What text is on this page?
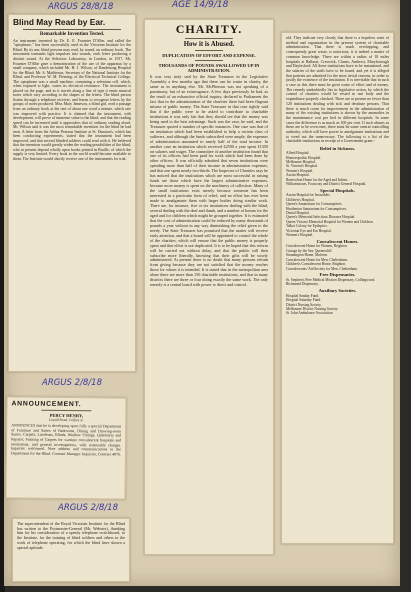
ARGUS 28/8/18	AGE 14/9/18
ARGUS 2/8/18
ARGUS 2/8/18

Blind May Read by Ear.

Remarkable Invention Tested.

An instrument invented by Dr. E. E. Fournier D'Albe, and called the "optophone," has been successfully used in the Victorian Institute for the Blind. By its use, blind persons may read, by sound, an ordinary book. The instrument transmits light impulses into sounds, each letter producing a distinct sound. At the Selection Laboratory, in London, in 1917, Mr. Fournier D'Albe gave a demonstration of the use of the apparatus by a small company, which included Mr. H. J. Wilson, of Dandenong Hospital for the Blind; Mr. S. Mathieson, Secretary of the National Institute for the Blind, and Professor W. M. Fleming, of the Electrical Technical College. The optophone was a small machine, containing a selenium cell, which, when exposed to light, varies its electrical resistance. The instrument is placed on the page, and as it travels along a line of type it emits musical notes which vary according to the shapes of the letters. The blind person listens through a telephone receiver, and learns to recognise letters by the groups of notes produced. Miss Mary Jameson, a blind girl, read a passage from an ordinary book at the rate of about one word a minute, which rate was improved with practice. It is claimed that the instrument, with development, will prove of immense value to the blind, and that the reading speed can be increased until it approaches that of ordinary reading aloud. Mr. Wilson said it was the most remarkable invention for the blind he had seen. A letter from the Arthur Pearson Institute at St. Dunstan's, which has been conducting experiments, stated that the instrument had been improved, and that several blinded soldiers could read with it. He believed that the invention would greatly widen the reading possibilities of the blind, who at present depend wholly upon books printed in Braille, of which the supply is very limited. Every book in the world would become available to them. The Institute would shortly receive one of the instruments for trial.

ANNOUNCEMENT.

PERCY HENRY,

Liquid Road, Collins st.

ANNOUNCES that he is developing upon fully a special Department of Furniture and Suites of Bedrooms, Dining and Drawing-room Suites, Carpets, Linoleum, Blinds, Window Fittings, Upholstery and Repairs; Painting of Carpets for wartime convalescent hospitals and institutions, and general investigations, with reasonable charges. Inquiries welcomed. Note address and communications to the Department for the Blind. Contract Manager. Inquiries, Contract 4076.

The superintendent of the Royal Victorian Institute for the Blind has written to the Postmaster-General (Mr. Webster), thanking him for his consideration of a speedy telephone switchboard, to the Institute, for the training of blind soldiers and others in the work of telephone operating, for which the blind have shown a special aptitude.

CHARITY.

How it is Abused.

DUPLICATION OF EFFORT AND EXPENSE.

THOUSANDS OF POUNDS SWALLOWED UP IN ADMINISTRATION.

It was very truly said by the State Treasurer in the Legislative Assembly a few months ago that there can be waste in charity, the same as in anything else. Mr. McPherson was not speaking of a parsimony, but of an extravagance. A few days previously he had, as the result of an exhaustive official inquiry, declared to Parliament the fact that in the administration of the charities there had been flagrant misuse of public money. The State Treasurer in that case rightly said that if the public were to be asked to contribute to charitable institutions it was only fair that they should see that the money was being used to the best advantage. Such was the case, he said, and the Treasurer quoted a number of specific instances. One case was that of an institution which had been established to help a certain class of sufferers, and although the funds subscribed were ample, the expenses of administration amounted to nearly half of the total income. In another case an institution which received £2500 a year spent £1350 on salaries and wages. The committee of another institution found that one of its officers had been paid for work which had been done by other officers. It was officially admitted that seven institutions were spending more than half of their income in administration expenses, and that one spent nearly two-thirds. The Inspector of Charities says he has noticed that the institutions which are most successful in raising funds are those which have the largest administrative expenses, because more money is spent on the machinery of collection. Many of the small institutions exist merely because someone has been interested in a particular form of relief, and no effort has ever been made to amalgamate them with larger bodies doing similar work. There are, for instance, five or six institutions dealing with the blind, several dealing with the deaf and dumb, and a number of homes for the aged and for children which might be grouped together. It is estimated that the cost of administration could be reduced by many thousands of pounds a year without in any way diminishing the relief given to the needy. The State Treasurer has promised that the matter will receive early attention, and that a board will be appointed to control the whole of the charities, which will ensure that the public money is properly spent and that effort is not duplicated. It is to be hoped that this reform will be carried out without delay, and that the public will then subscribe more liberally, knowing that their gifts will be wisely administered. At present there is no doubt that many persons refrain from giving because they are not satisfied that the money reaches those for whom it is intended. It is stated that in the metropolitan area alone there are more than 150 charitable institutions, and that in many districts there are three or four doing exactly the same work. The only remedy is a central board with power to direct and control.

old. They indicate very clearly that there is a hopeless want of method and organisation in the present system of charitable administration. That there is much overlapping, and consequently great waste, is notorious; it is indeed a matter of common knowledge. There are within a radius of 10 miles hospitals at Ballarat, Creswick, Clunes, Amherst, Maryborough and Daylesford. All these institutions have to be maintained, and the salaries of the staffs have to be found, and yet it is alleged that patients are admitted for the most trivial reasons, in order to justify the existence of the institution. It is inevitable that in such a case as this there must be great waste of effort and of money. The remedy undoubtedly lies in legislative action, by which the control of charities would be vested in one body and the expenditure properly checked. There are at present no fewer than 120 institutions dealing with sick and destitute persons. That there is much room for improvement in the administration of many of the existing institutions is shown by the anomalies in the maintenance cost per bed in different hospitals. In some cases the difference is as much as 100 per cent. If such abuses as these are to be overcome, there must be some central controlling authority, which will have power to amalgamate institutions and to weed out the unnecessary. The following is a list of the charitable institutions in receipt of a Government grant:-

Relief in Sickness.

Alfred Hospital.

Homoeopathic Hospital.

Melbourne Hospital.

St. Vincent's Hospital.

Women's Hospital.

Austin Hospital.

Benevolent Home for the Aged and Infirm.

Williamstown, Footscray and District General Hospital.

Special Hospitals.

Austin Hospital for Incurables.

Children's Hospital.

Queen's Sanatorium for Consumptives.

Heatherton Sanatorium for Consumptives.

Dental Hospital.

Queen's Memorial Infectious Diseases Hospital.

Queen Victoria Memorial Hospital for Women and Children.

Talbot Colony for Epileptics.

Victorian Eye and Ear Hospital.

Women's Hospital.

Convalescent Homes.

Convalescent Home for Women, Brighton.

Cottage by the Sea, Queenscliff.

Stonnington Home, Malvern.

Convalescent Home for Men, Cheltenham.

Children's Convalescent Home, Brighton.

Convalescents' Aid Society for Men, Cheltenham.

Free Dispensaries.

St. Stephen's Free Medical Mission Dispensary, Collingwood.

Richmond Dispensary.

Auxiliary Societies.

Hospital Sunday Fund.

Hospital Saturday Fund.

District Nursing Society.

Melbourne District Nursing Society.

St. John Ambulance Association.
